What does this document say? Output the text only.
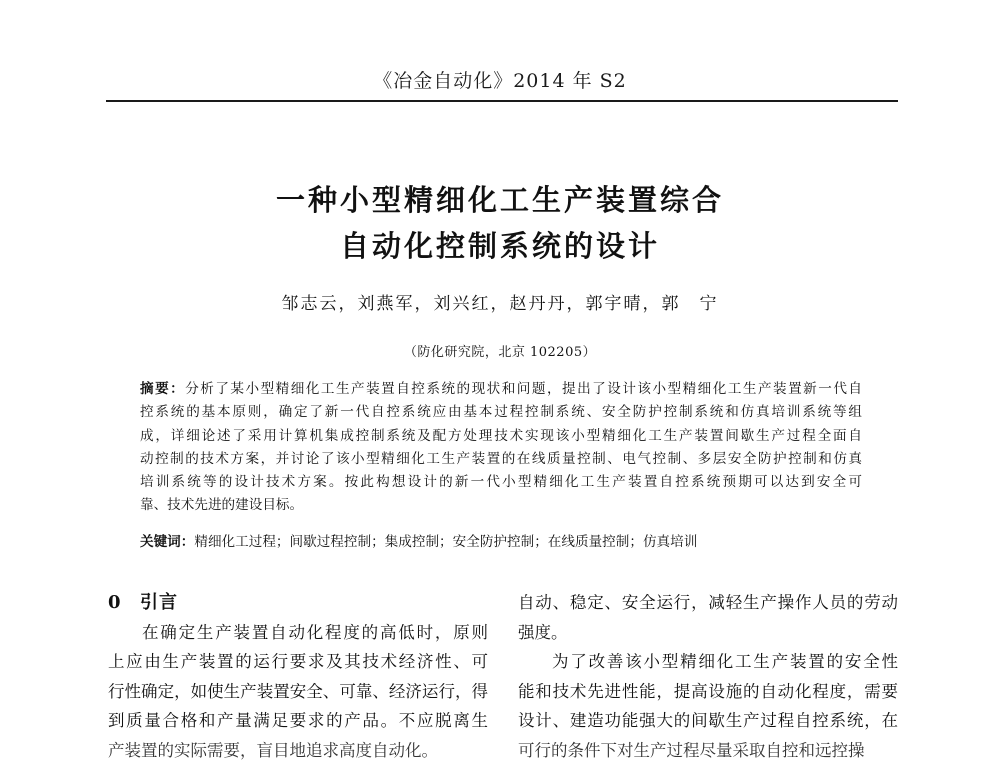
《冶金自动化》2014 年 S2
一种小型精细化工生产装置综合
自动化控制系统的设计
邹志云，刘燕军，刘兴红，赵丹丹，郭宇晴，郭　宁
（防化研究院，北京 102205）
摘要：分析了某小型精细化工生产装置自控系统的现状和问题，提出了设计该小型精细化工生产装置新一代自
控系统的基本原则，确定了新一代自控系统应由基本过程控制系统、安全防护控制系统和仿真培训系统等组
成，详细论述了采用计算机集成控制系统及配方处理技术实现该小型精细化工生产装置间歇生产过程全面自
动控制的技术方案，并讨论了该小型精细化工生产装置的在线质量控制、电气控制、多层安全防护控制和仿真
培训系统等的设计技术方案。按此构想设计的新一代小型精细化工生产装置自控系统预期可以达到安全可
靠、技术先进的建设目标。
关键词：精细化工过程；间歇过程控制；集成控制；安全防护控制；在线质量控制；仿真培训
0 引言
在确定生产装置自动化程度的高低时，原则
上应由生产装置的运行要求及其技术经济性、可
行性确定，如使生产装置安全、可靠、经济运行，得
到质量合格和产量满足要求的产品。不应脱离生
产装置的实际需要，盲目地追求高度自动化。
自动、稳定、安全运行，减轻生产操作人员的劳动
强度。
为了改善该小型精细化工生产装置的安全性
能和技术先进性能，提高设施的自动化程度，需要
设计、建造功能强大的间歇生产过程自控系统，在
可行的条件下对生产过程尽量采取自控和远控操
